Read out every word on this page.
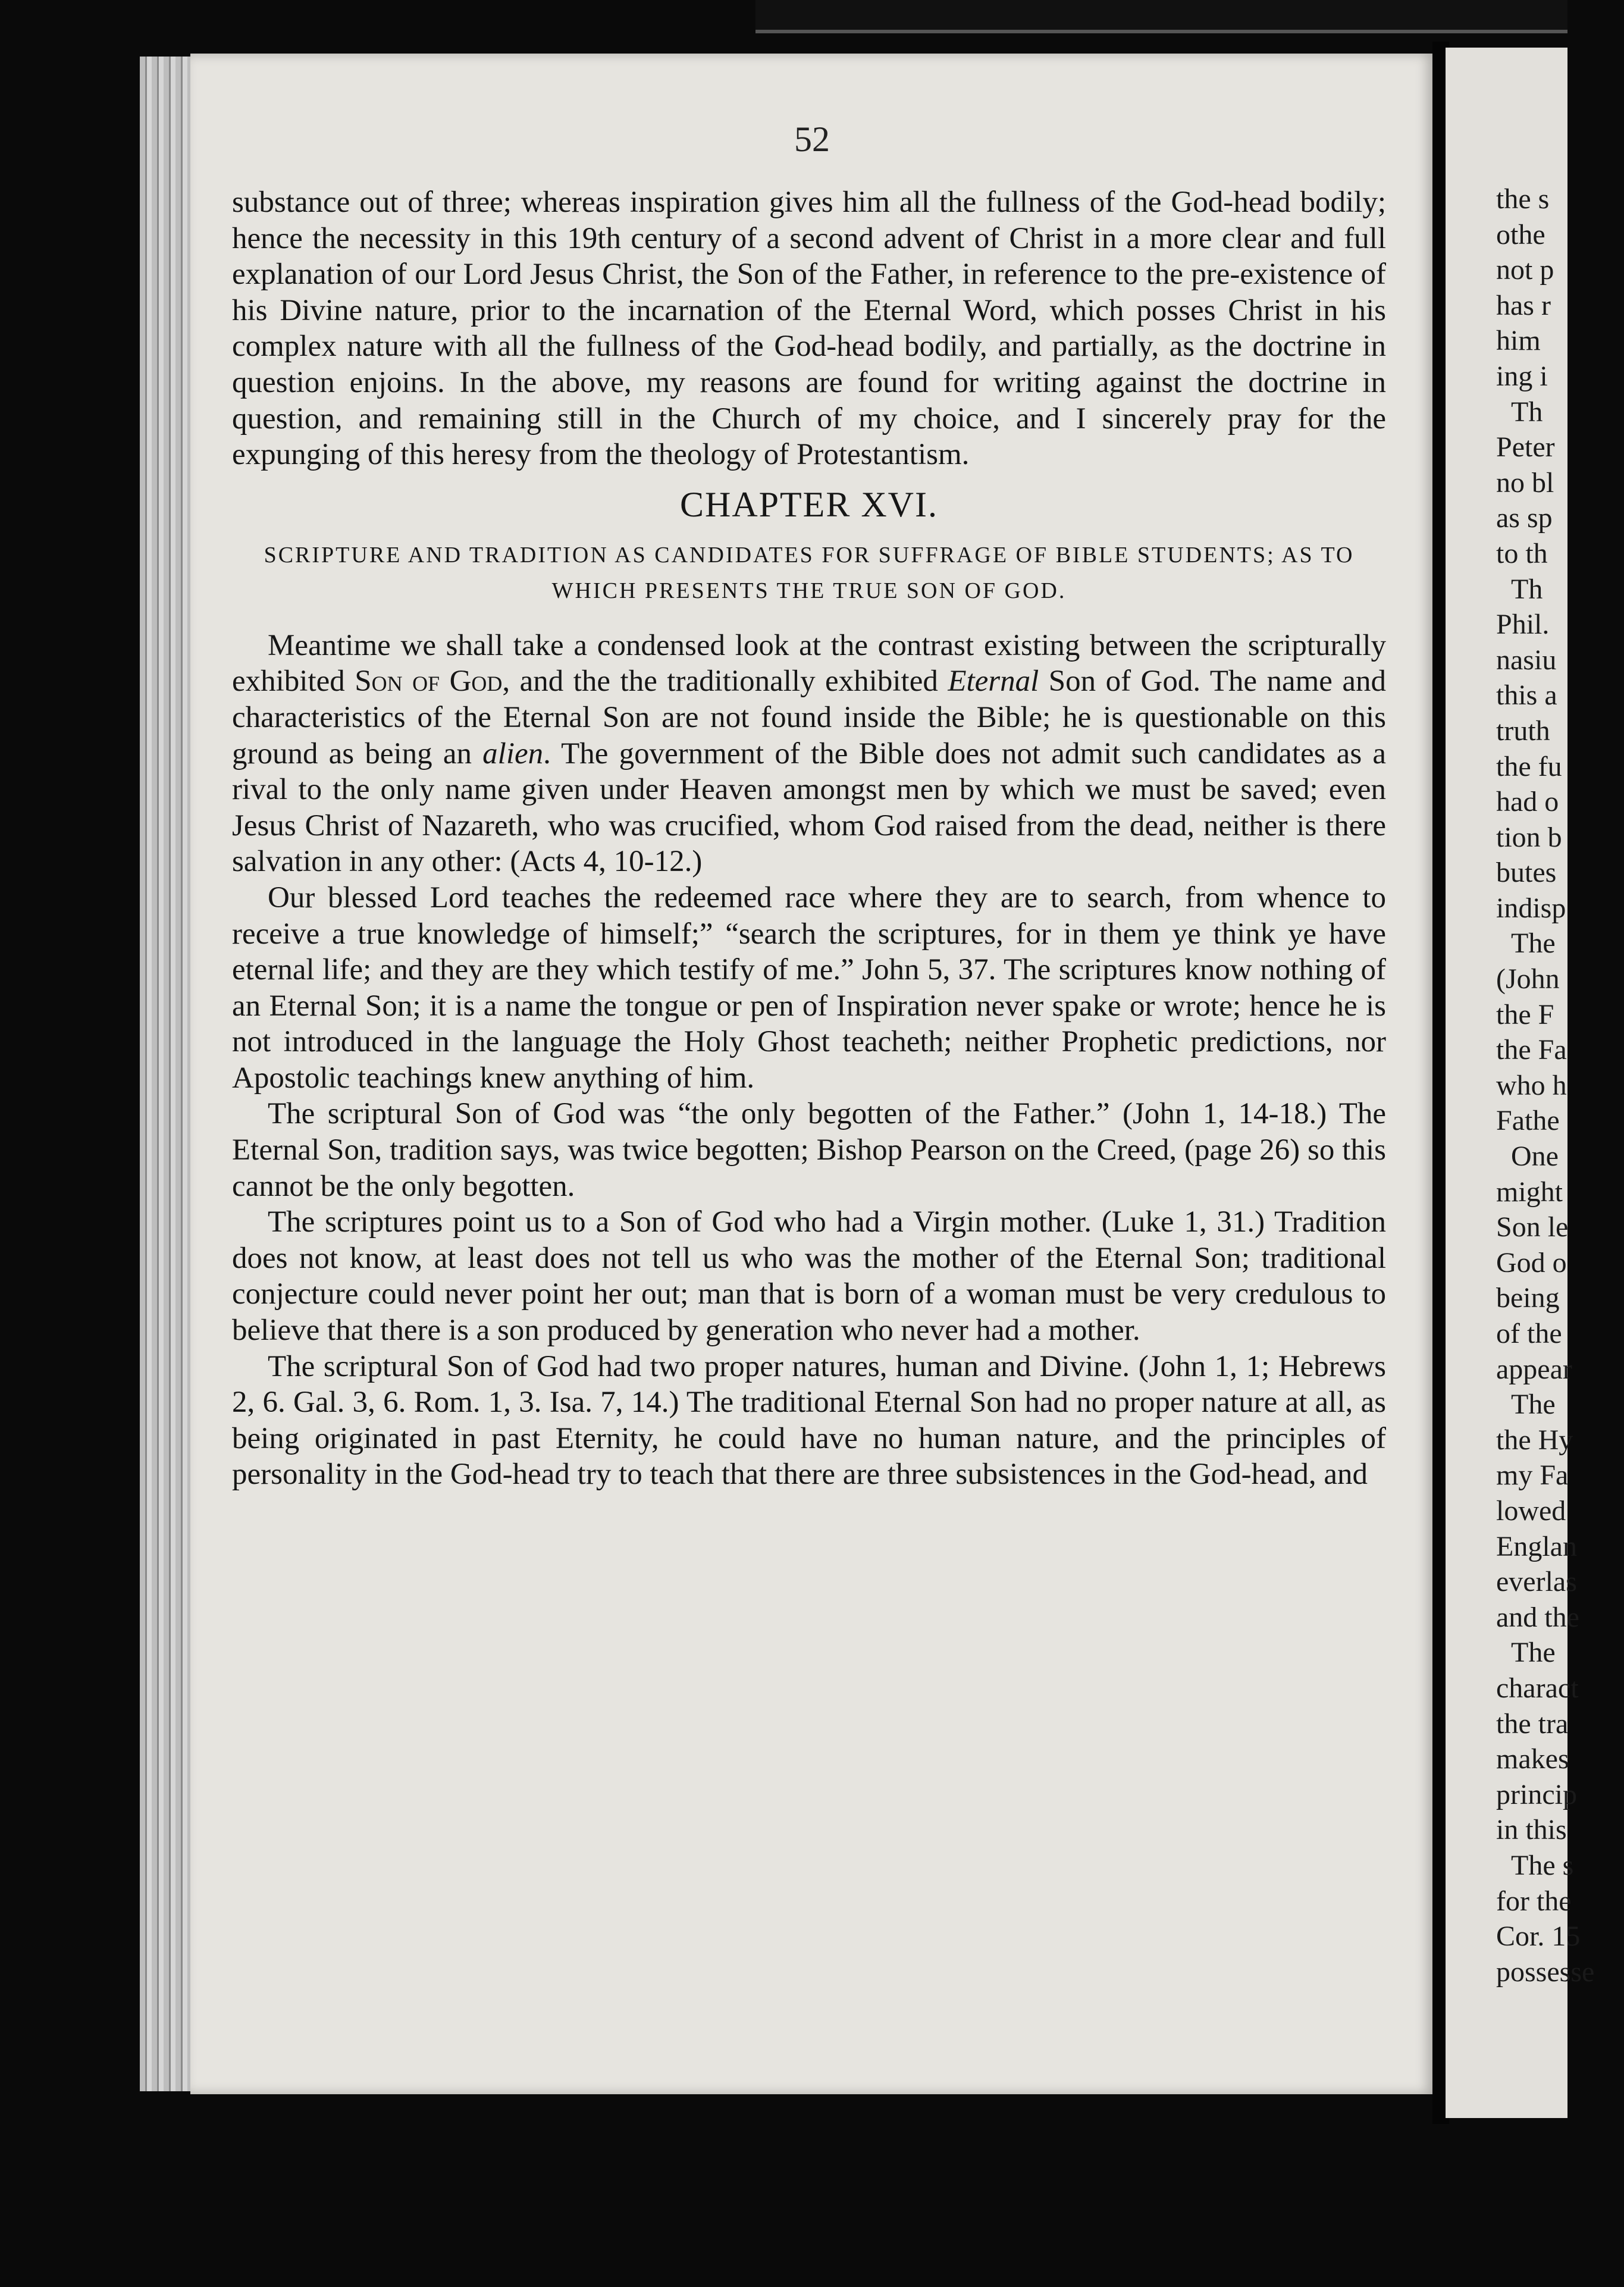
52

substance out of three; whereas inspiration gives him all the fullness of the God-head bodily; hence the necessity in this 19th century of a second advent of Christ in a more clear and full explanation of our Lord Jesus Christ, the Son of the Father, in reference to the pre-existence of his Divine nature, prior to the incarnation of the Eternal Word, which posses Christ in his complex nature with all the fullness of the God-head bodily, and partially, as the doctrine in question enjoins. In the above, my reasons are found for writing against the doctrine in question, and remaining still in the Church of my choice, and I sincerely pray for the expunging of this heresy from the theology of Protestantism.

CHAPTER XVI.

SCRIPTURE AND TRADITION AS CANDIDATES FOR SUFFRAGE OF BIBLE STUDENTS; AS TO WHICH PRESENTS THE TRUE SON OF GOD.

Meantime we shall take a condensed look at the contrast existing between the scripturally exhibited Son of God, and the the traditionally exhibited Eternal Son of God. The name and characteristics of the Eternal Son are not found inside the Bible; he is questionable on this ground as being an alien. The government of the Bible does not admit such candidates as a rival to the only name given under Heaven amongst men by which we must be saved; even Jesus Christ of Nazareth, who was crucified, whom God raised from the dead, neither is there salvation in any other: (Acts 4, 10-12.)

Our blessed Lord teaches the redeemed race where they are to search, from whence to receive a true knowledge of himself;” “search the scriptures, for in them ye think ye have eternal life; and they are they which testify of me.” John 5, 37. The scriptures know nothing of an Eternal Son; it is a name the tongue or pen of Inspiration never spake or wrote; hence he is not introduced in the language the Holy Ghost teacheth; neither Prophetic predictions, nor Apostolic teachings knew anything of him.

The scriptural Son of God was “the only begotten of the Father.” (John 1, 14-18.) The Eternal Son, tradition says, was twice begotten; Bishop Pearson on the Creed, (page 26) so this cannot be the only begotten.

The scriptures point us to a Son of God who had a Virgin mother. (Luke 1, 31.) Tradition does not know, at least does not tell us who was the mother of the Eternal Son; traditional conjecture could never point her out; man that is born of a woman must be very credulous to believe that there is a son produced by generation who never had a mother.

The scriptural Son of God had two proper natures, human and Divine. (John 1, 1; Hebrews 2, 6. Gal. 3, 6. Rom. 1, 3. Isa. 7, 14.) The traditional Eternal Son had no proper nature at all, as being originated in past Eternity, he could have no human nature, and the principles of personality in the God-head try to teach that there are three subsistences in the God-head, and

the s
othe
not p
has r
him
ing i
Th
Peter
no bl
as sp
to th
Th
Phil.
nasiu
this a
truth
the fu
had o
tion b
butes
indisp
The
(John
the F
the Fa
who h
Fathe
One
might
Son le
God o
being
of the
appear
The
the Hy
my Fa
lowed
Englan
everlas
and the
The
charact
the tra
makes
princip
in this
The s
for the
Cor. 15
possesse
